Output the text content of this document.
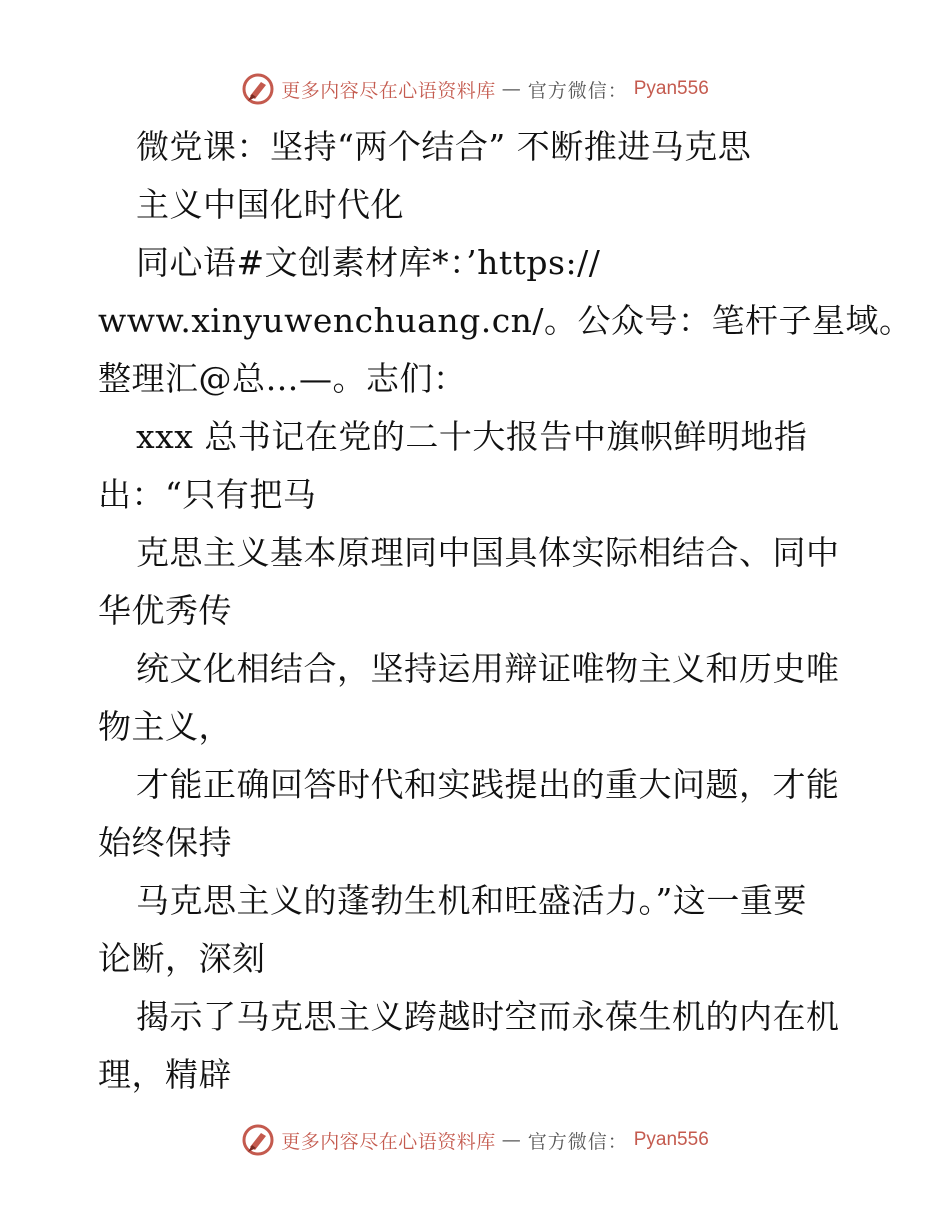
更多内容尽在心语资料库 — 官方微信： Pyan556
微党课：坚持“两个结合” 不断推进马克思
主义中国化时代化
同心语#文创素材库*：’https://
www.xinyuwenchuang.cn/。公众号：笔杆子星域。
整理汇@总…—。志们：
xxx 总书记在党的二十大报告中旗帜鲜明地指
出：“只有把马
克思主义基本原理同中国具体实际相结合、同中
华优秀传
统文化相结合，坚持运用辩证唯物主义和历史唯
物主义，
才能正确回答时代和实践提出的重大问题，才能
始终保持
马克思主义的蓬勃生机和旺盛活力。”这一重要
论断，深刻
揭示了马克思主义跨越时空而永葆生机的内在机
理，精辟
更多内容尽在心语资料库 — 官方微信： Pyan556
